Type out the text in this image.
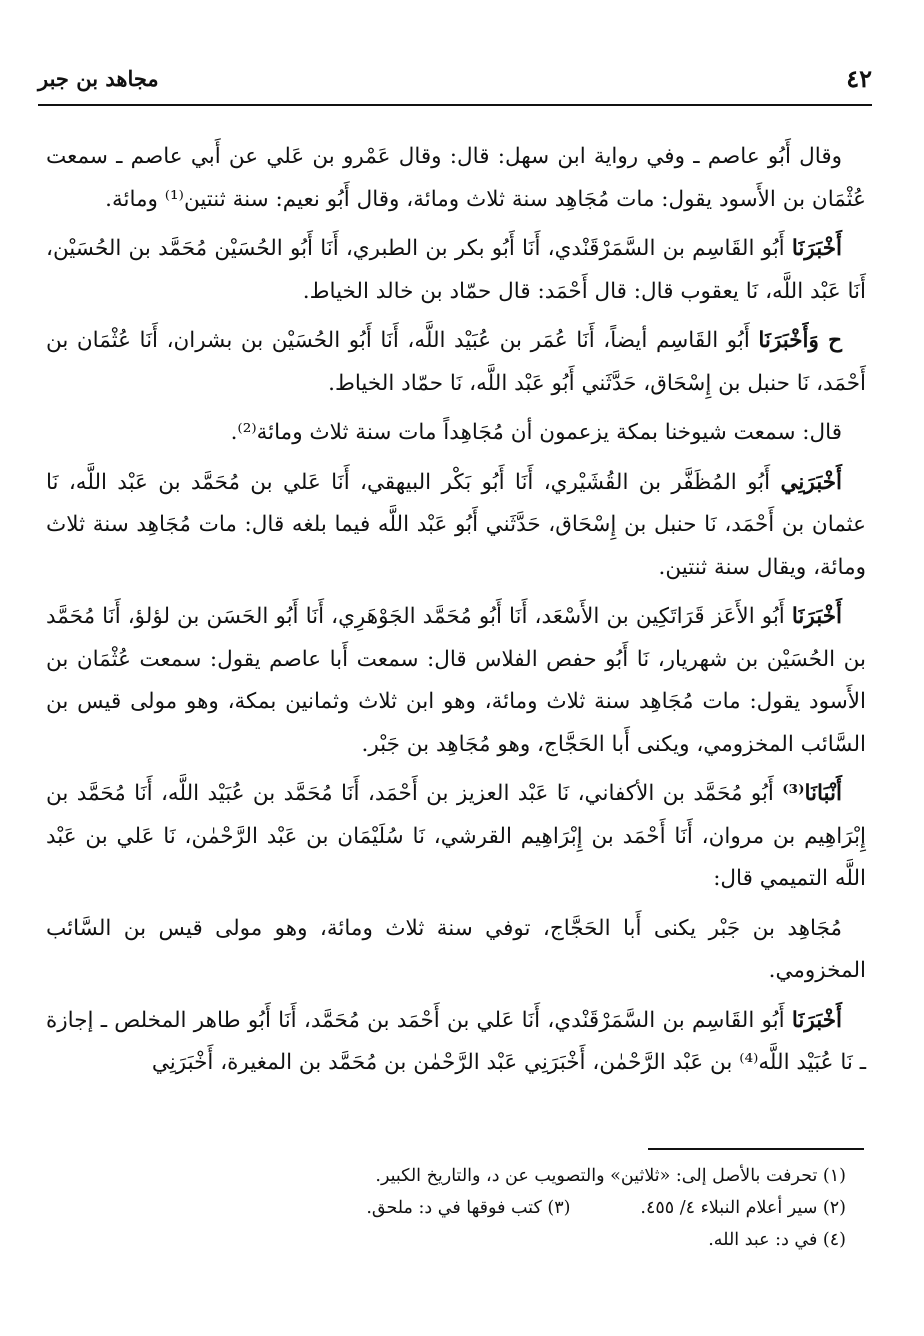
٤٢
مجاهد بن جبر

وقال أَبُو عاصم ـ وفي رواية ابن سهل: قال: وقال عَمْرو بن عَلي عن أَبي عاصم ـ سمعت عُثْمَان بن الأَسود يقول: مات مُجَاهِد سنة ثلاث ومائة، وقال أَبُو نعيم: سنة ثنتين⁽¹⁾ ومائة.

أَخْبَرَنَا أَبُو القَاسِم بن السَّمَرْقَنْدي، أَنَا أَبُو بكر بن الطبري، أَنَا أَبُو الحُسَيْن مُحَمَّد بن الحُسَيْن، أَنَا عَبْد اللَّه، نَا يعقوب قال: قال أَحْمَد: قال حمّاد بن خالد الخياط.

ح وَأَخْبَرَنَا أَبُو القَاسِم أيضاً، أَنَا عُمَر بن عُبَيْد اللَّه، أَنَا أَبُو الحُسَيْن بن بشران، أَنَا عُثْمَان بن أَحْمَد، نَا حنبل بن إِسْحَاق، حَدَّثَني أَبُو عَبْد اللَّه، نَا حمّاد الخياط.

قال: سمعت شيوخنا بمكة يزعمون أن مُجَاهِداً مات سنة ثلاث ومائة⁽²⁾.

أَخْبَرَنِي أَبُو المُظَفَّر بن القُشَيْري، أَنَا أَبُو بَكْر البيهقي، أَنَا عَلي بن مُحَمَّد بن عَبْد اللَّه، نَا عثمان بن أَحْمَد، نَا حنبل بن إِسْحَاق، حَدَّثَني أَبُو عَبْد اللَّه فيما بلغه قال: مات مُجَاهِد سنة ثلاث ومائة، ويقال سنة ثنتين.

أَخْبَرَنَا أَبُو الأَعَز قَرَاتَكِين بن الأَسْعَد، أَنَا أَبُو مُحَمَّد الجَوْهَرِي، أَنَا أَبُو الحَسَن بن لؤلؤ، أَنَا مُحَمَّد بن الحُسَيْن بن شهريار، نَا أَبُو حفص الفلاس قال: سمعت أَبا عاصم يقول: سمعت عُثْمَان بن الأَسود يقول: مات مُجَاهِد سنة ثلاث ومائة، وهو ابن ثلاث وثمانين بمكة، وهو مولى قيس بن السَّائب المخزومي، ويكنى أَبا الحَجَّاج، وهو مُجَاهِد بن جَبْر.

أَنْبَانَا⁽³⁾ أَبُو مُحَمَّد بن الأكفاني، نَا عَبْد العزيز بن أَحْمَد، أَنَا مُحَمَّد بن عُبَيْد اللَّه، أَنَا مُحَمَّد بن إِبْرَاهِيم بن مروان، أَنَا أَحْمَد بن إِبْرَاهِيم القرشي، نَا سُلَيْمَان بن عَبْد الرَّحْمٰن، نَا عَلي بن عَبْد اللَّه التميمي قال:

مُجَاهِد بن جَبْر يكنى أَبا الحَجَّاج، توفي سنة ثلاث ومائة، وهو مولى قيس بن السَّائب المخزومي.

أَخْبَرَنَا أَبُو القَاسِم بن السَّمَرْقَنْدي، أَنَا عَلي بن أَحْمَد بن مُحَمَّد، أَنَا أَبُو طاهر المخلص ـ إجازة ـ نَا عُبَيْد اللَّه⁽⁴⁾ بن عَبْد الرَّحْمٰن، أَخْبَرَنِي عَبْد الرَّحْمٰن بن مُحَمَّد بن المغيرة، أَخْبَرَنِي

(١) تحرفت بالأصل إلى: «ثلاثين» والتصويب عن د، والتاريخ الكبير.
(٢) سير أعلام النبلاء ٤/ ٤٥٥.
(٣) كتب فوقها في د: ملحق.
(٤) في د: عبد الله.
